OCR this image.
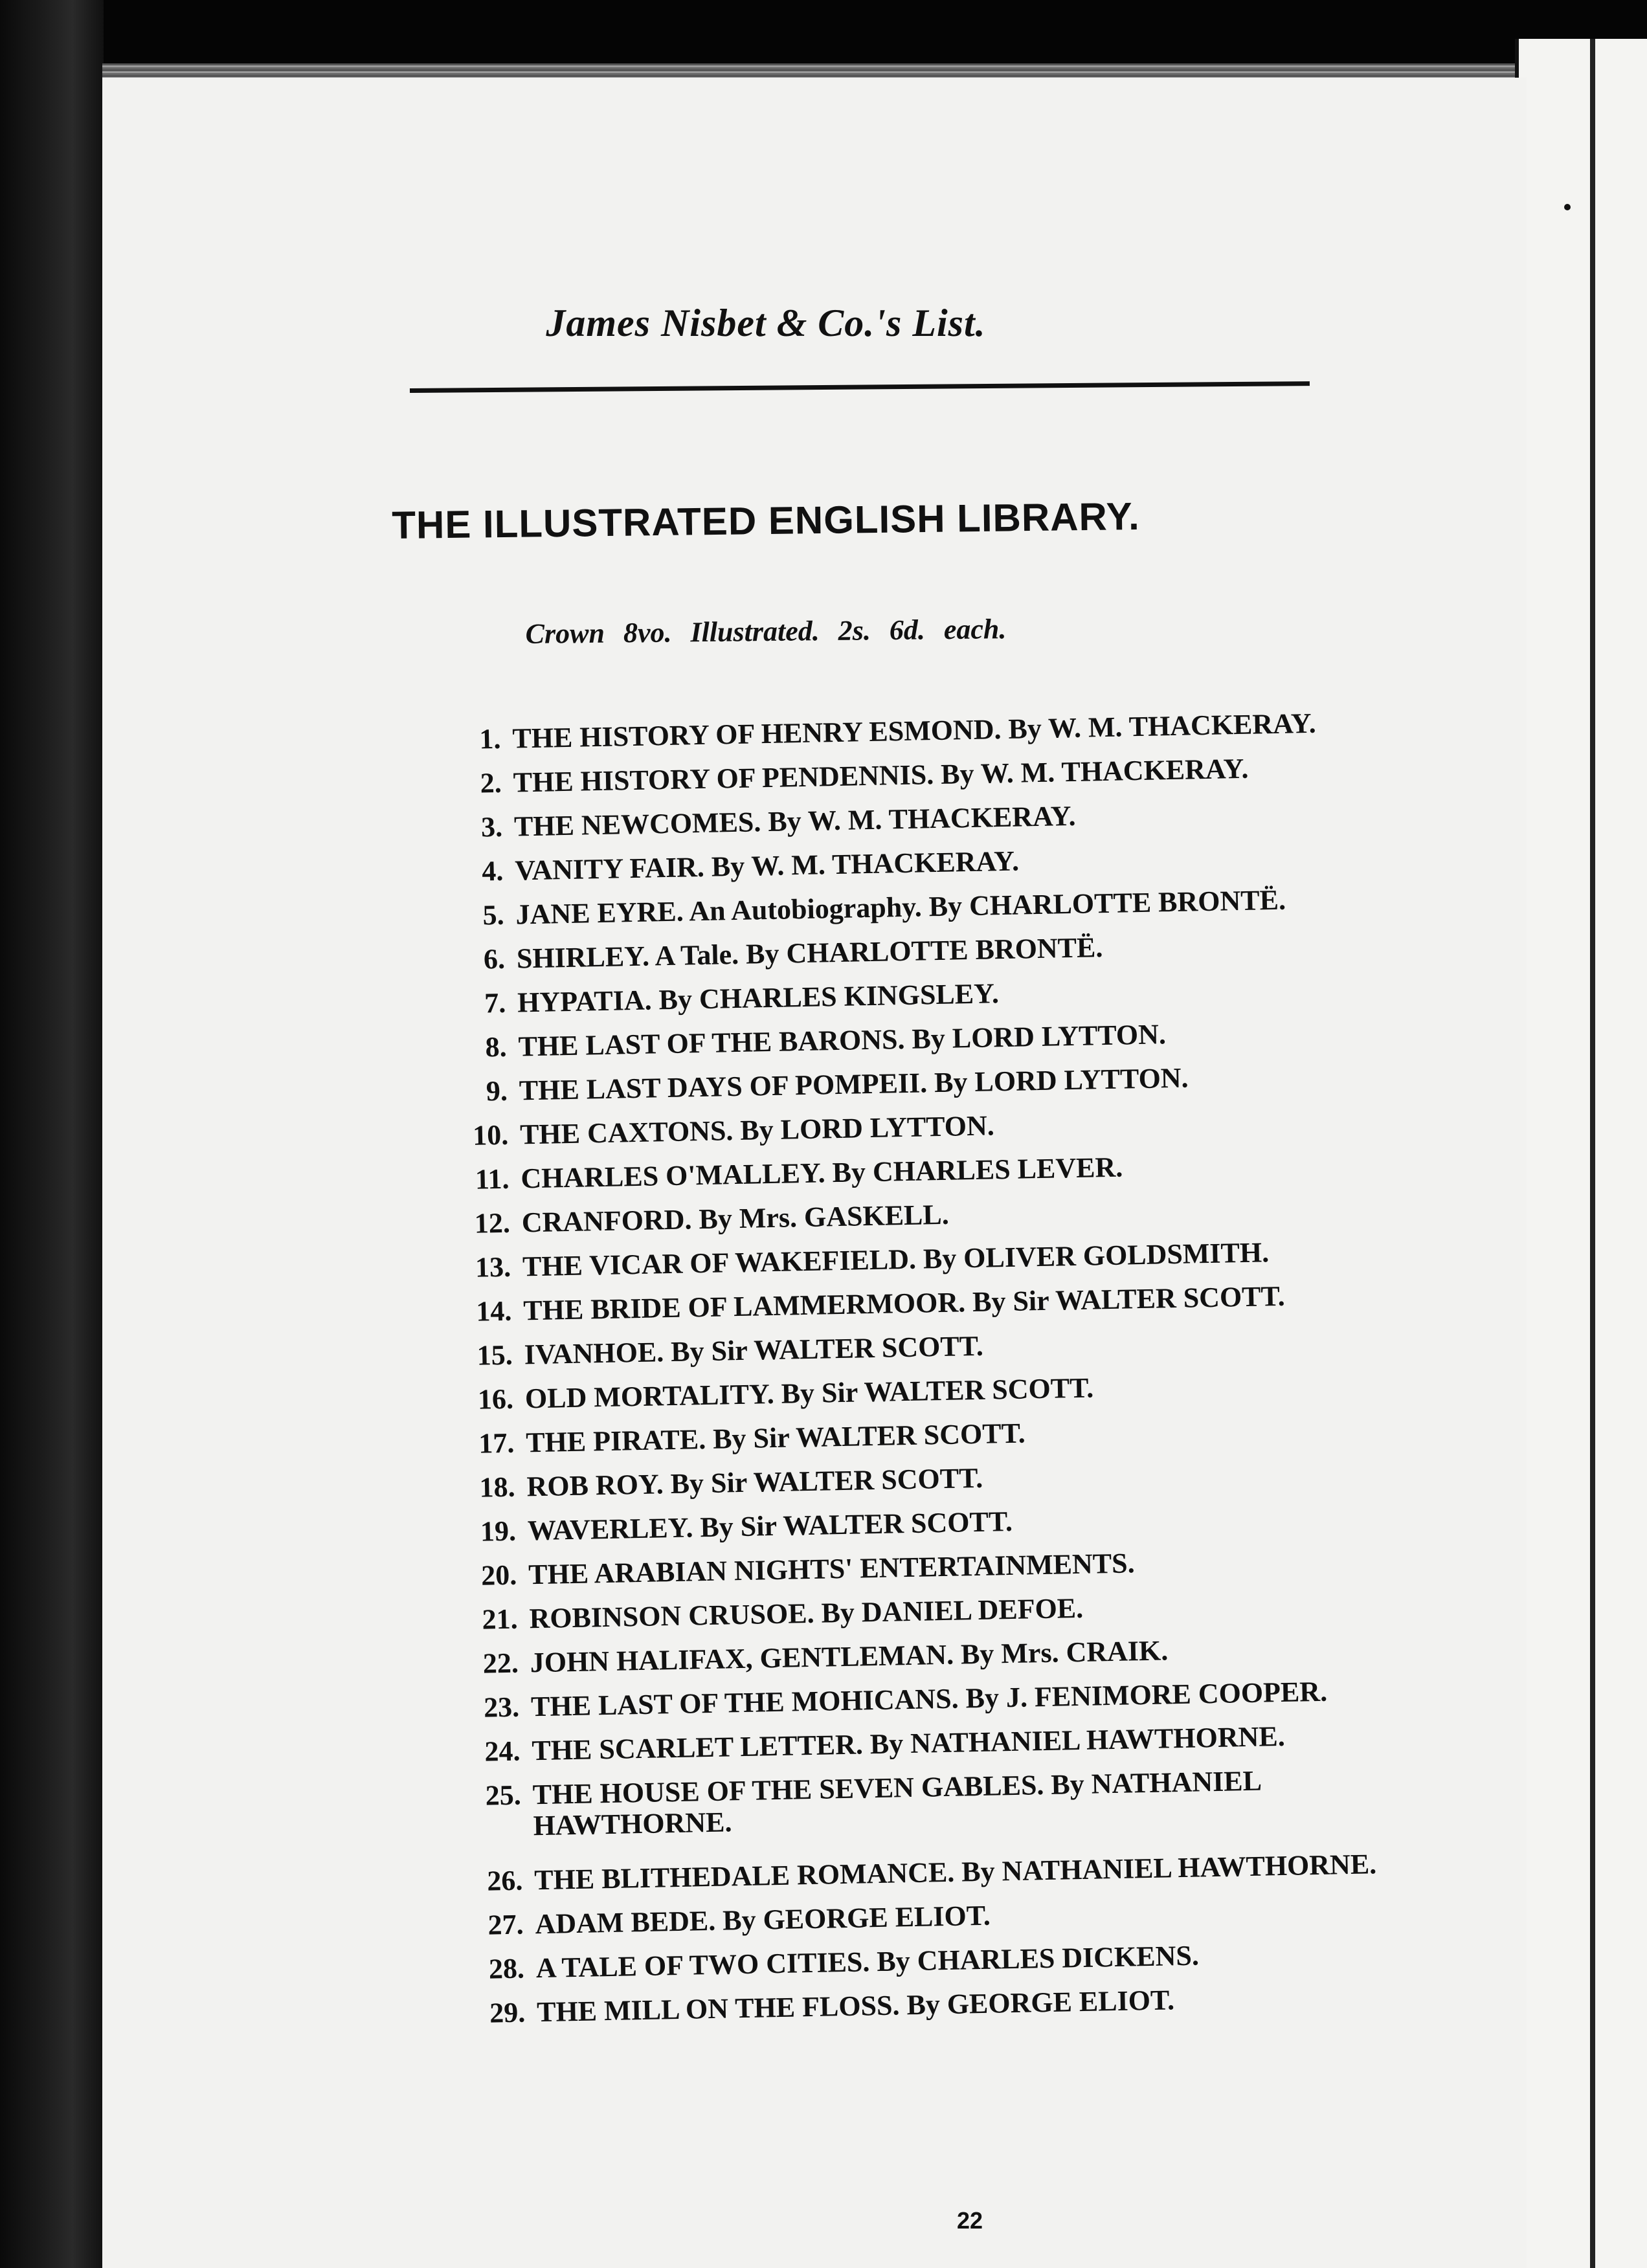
James Nisbet & Co.'s List.
THE ILLUSTRATED ENGLISH LIBRARY.
Crown 8vo. Illustrated. 2s. 6d. each.
1. THE HISTORY OF HENRY ESMOND. By W. M. THACKERAY.
2. THE HISTORY OF PENDENNIS. By W. M. THACKERAY.
3. THE NEWCOMES. By W. M. THACKERAY.
4. VANITY FAIR. By W. M. THACKERAY.
5. JANE EYRE. An Autobiography. By CHARLOTTE BRONTË.
6. SHIRLEY. A Tale. By CHARLOTTE BRONTË.
7. HYPATIA. By CHARLES KINGSLEY.
8. THE LAST OF THE BARONS. By LORD LYTTON.
9. THE LAST DAYS OF POMPEII. By LORD LYTTON.
10. THE CAXTONS. By LORD LYTTON.
11. CHARLES O'MALLEY. By CHARLES LEVER.
12. CRANFORD. By Mrs. GASKELL.
13. THE VICAR OF WAKEFIELD. By OLIVER GOLDSMITH.
14. THE BRIDE OF LAMMERMOOR. By Sir WALTER SCOTT.
15. IVANHOE. By Sir WALTER SCOTT.
16. OLD MORTALITY. By Sir WALTER SCOTT.
17. THE PIRATE. By Sir WALTER SCOTT.
18. ROB ROY. By Sir WALTER SCOTT.
19. WAVERLEY. By Sir WALTER SCOTT.
20. THE ARABIAN NIGHTS' ENTERTAINMENTS.
21. ROBINSON CRUSOE. By DANIEL DEFOE.
22. JOHN HALIFAX, GENTLEMAN. By Mrs. CRAIK.
23. THE LAST OF THE MOHICANS. By J. FENIMORE COOPER.
24. THE SCARLET LETTER. By NATHANIEL HAWTHORNE.
25. THE HOUSE OF THE SEVEN GABLES. By NATHANIEL HAWTHORNE.
26. THE BLITHEDALE ROMANCE. By NATHANIEL HAWTHORNE.
27. ADAM BEDE. By GEORGE ELIOT.
28. A TALE OF TWO CITIES. By CHARLES DICKENS.
29. THE MILL ON THE FLOSS. By GEORGE ELIOT.
22
